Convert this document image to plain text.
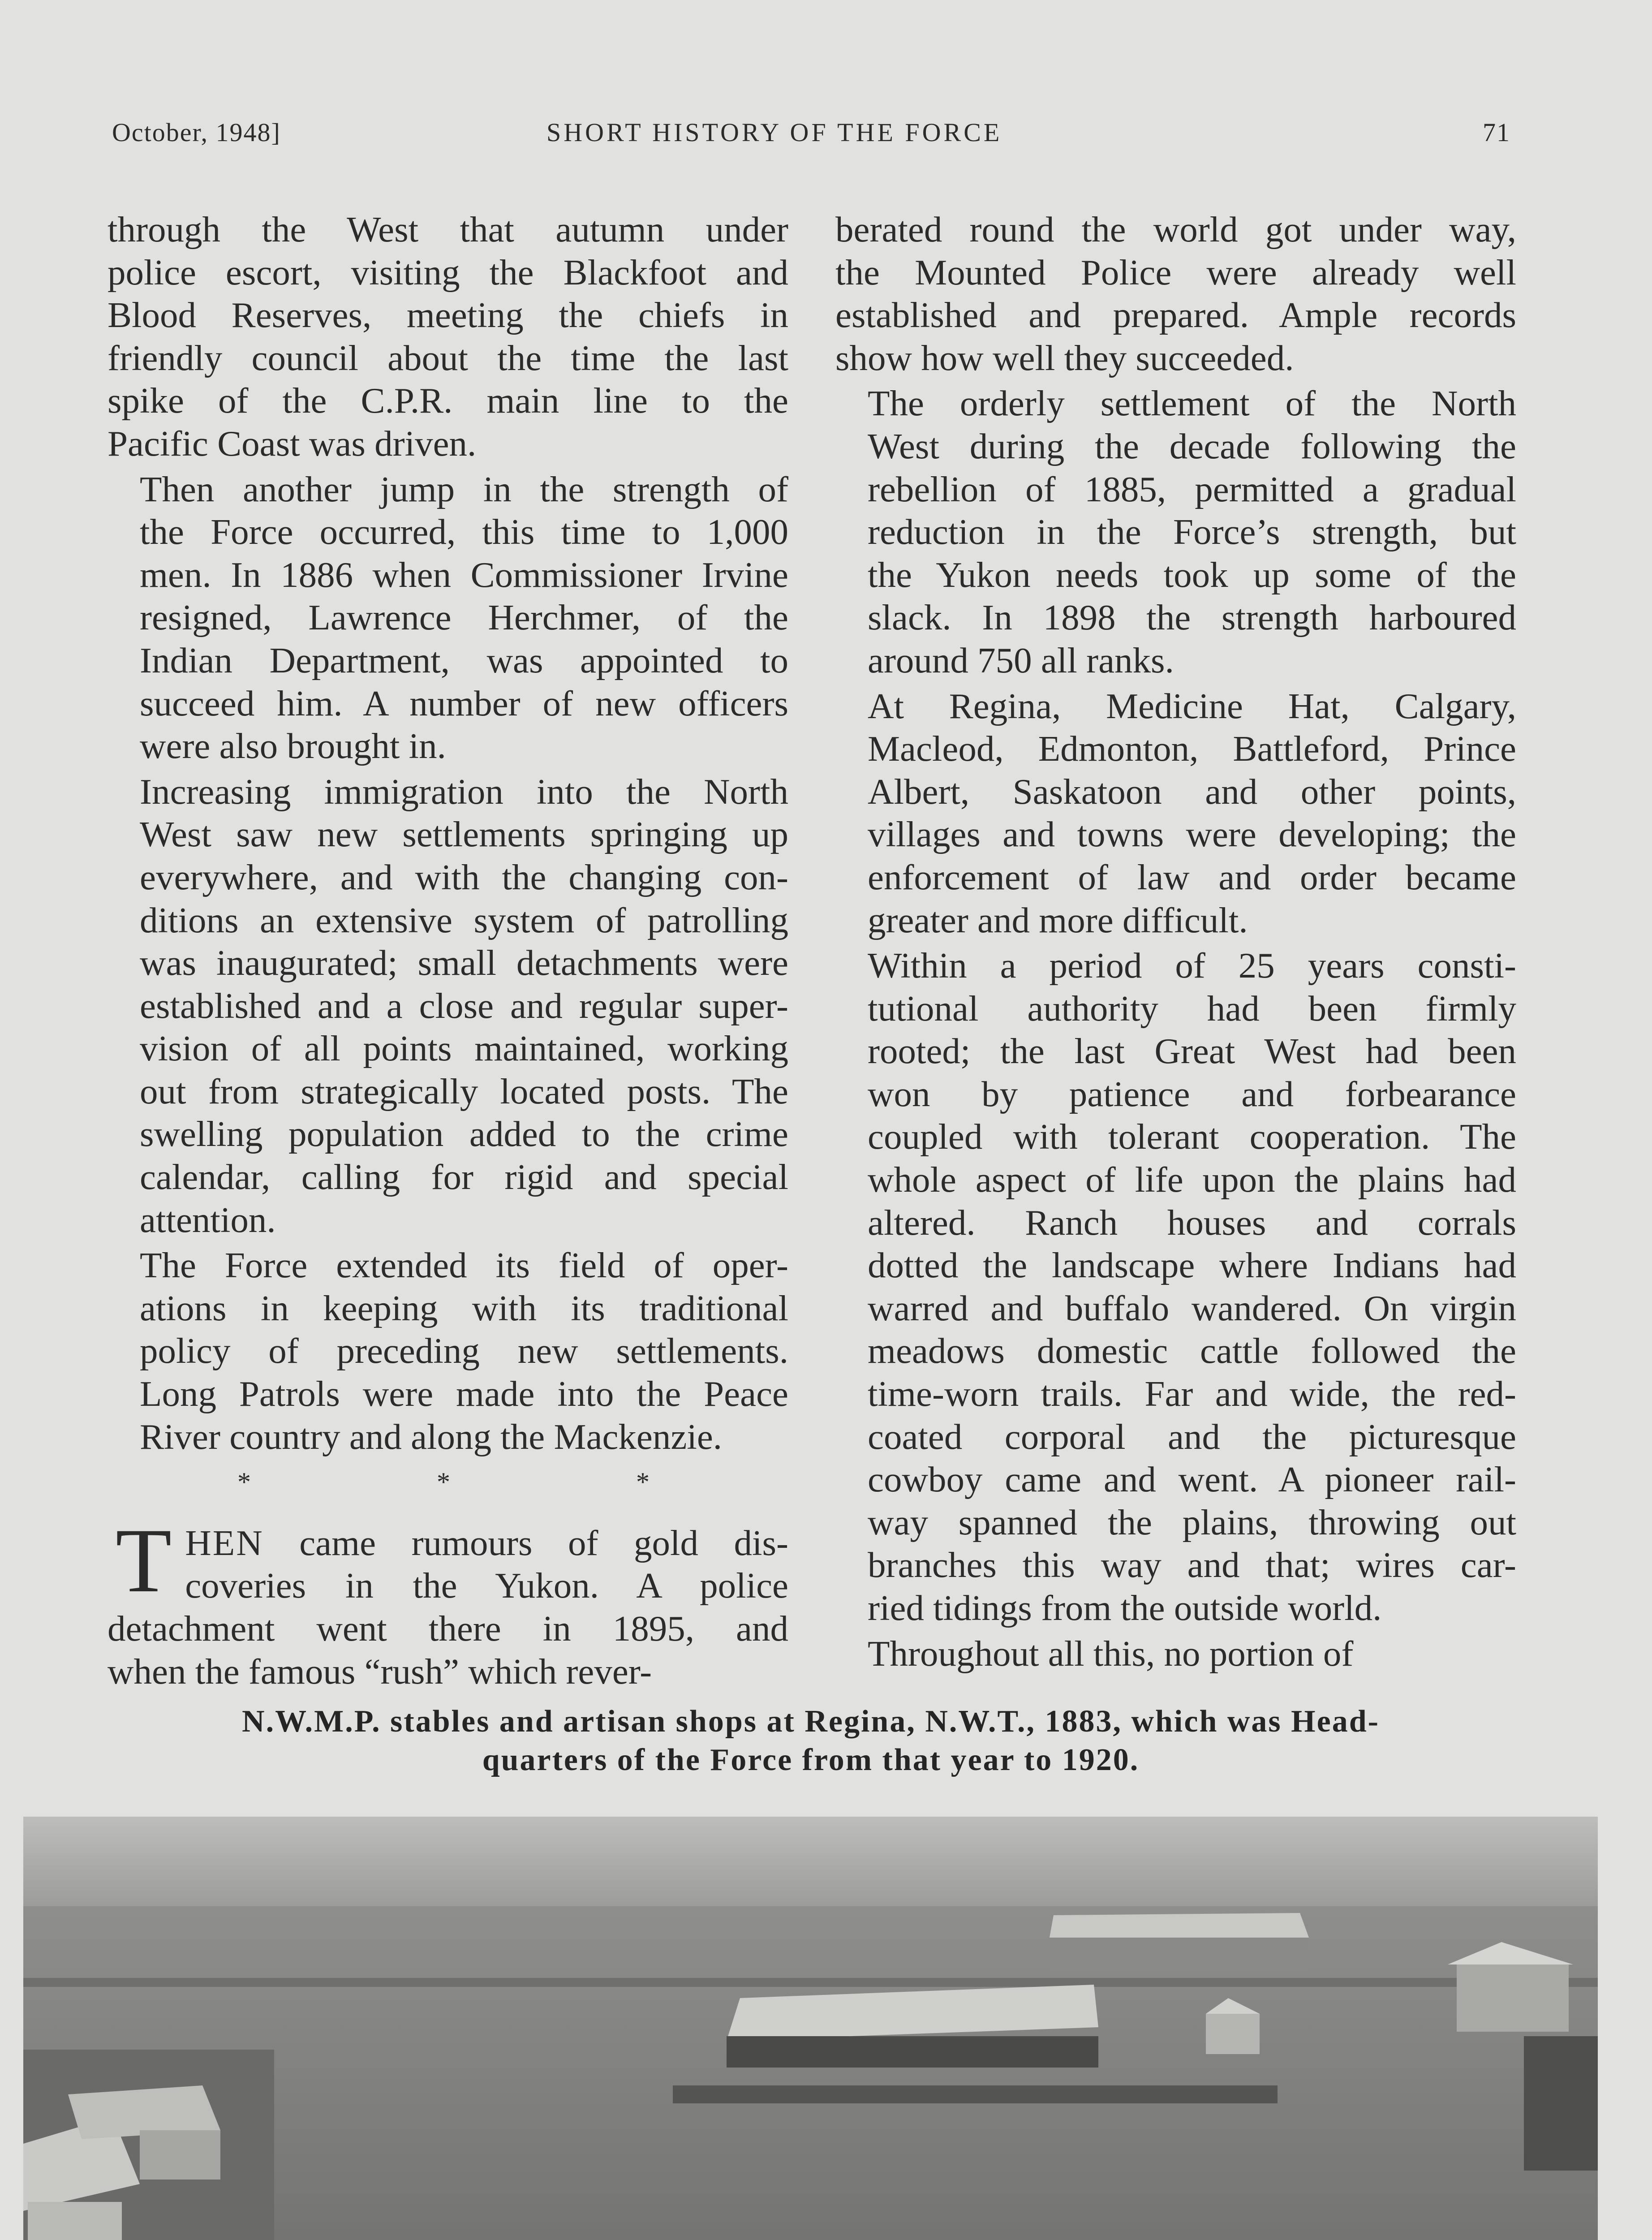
October, 1948]	SHORT HISTORY OF THE FORCE	71

through the West that autumn under
police escort, visiting the Blackfoot and
Blood Reserves, meeting the chiefs in
friendly council about the time the last
spike of the C.P.R. main line to the
Pacific Coast was driven.

Then another jump in the strength of
the Force occurred, this time to 1,000
men. In 1886 when Commissioner Irvine
resigned, Lawrence Herchmer, of the
Indian Department, was appointed to
succeed him. A number of new officers
were also brought in.

Increasing immigration into the North
West saw new settlements springing up
everywhere, and with the changing con-
ditions an extensive system of patrolling
was inaugurated; small detachments were
established and a close and regular super-
vision of all points maintained, working
out from strategically located posts. The
swelling population added to the crime
calendar, calling for rigid and special
attention.

The Force extended its field of oper-
ations in keeping with its traditional
policy of preceding new settlements.
Long Patrols were made into the Peace
River country and along the Mackenzie.

* * *

T HEN came rumours of gold dis-
coveries in the Yukon. A police
detachment went there in 1895, and
when the famous “rush” which rever-

berated round the world got under way,
the Mounted Police were already well
established and prepared. Ample records
show how well they succeeded.

The orderly settlement of the North
West during the decade following the
rebellion of 1885, permitted a gradual
reduction in the Force’s strength, but
the Yukon needs took up some of the
slack. In 1898 the strength harboured
around 750 all ranks.

At Regina, Medicine Hat, Calgary,
Macleod, Edmonton, Battleford, Prince
Albert, Saskatoon and other points,
villages and towns were developing; the
enforcement of law and order became
greater and more difficult.

Within a period of 25 years consti-
tutional authority had been firmly
rooted; the last Great West had been
won by patience and forbearance
coupled with tolerant cooperation. The
whole aspect of life upon the plains had
altered. Ranch houses and corrals
dotted the landscape where Indians had
warred and buffalo wandered. On virgin
meadows domestic cattle followed the
time-worn trails. Far and wide, the red-
coated corporal and the picturesque
cowboy came and went. A pioneer rail-
way spanned the plains, throwing out
branches this way and that; wires car-
ried tidings from the outside world.

Throughout all this, no portion of

N.W.M.P. stables and artisan shops at Regina, N.W.T., 1883, which was Head-
quarters of the Force from that year to 1920.
